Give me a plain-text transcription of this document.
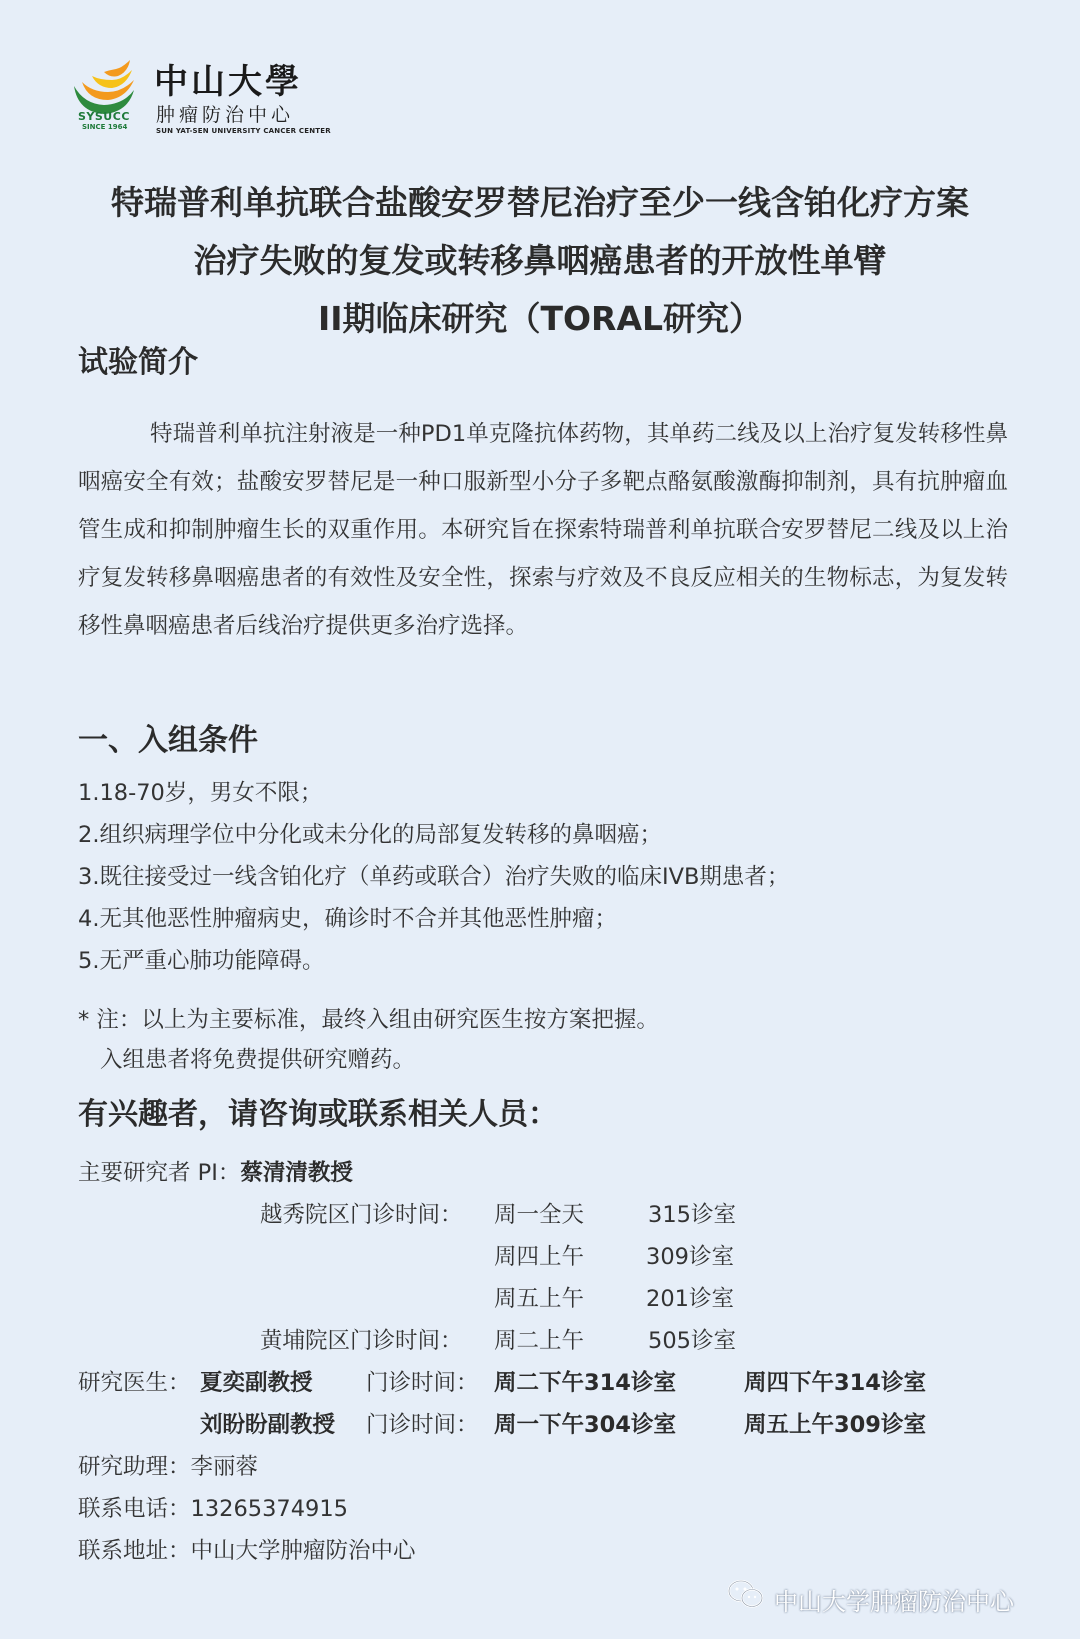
SYSUCC
SINCE 1964
中山大學
肿瘤防治中心
SUN YAT-SEN UNIVERSITY CANCER CENTER
特瑞普利单抗联合盐酸安罗替尼治疗至少一线含铂化疗方案
治疗失败的复发或转移鼻咽癌患者的开放性单臂
II期临床研究（TORAL研究）
试验简介

特瑞普利单抗注射液是一种PD1单克隆抗体药物，其单药二线及以上治疗复发转移性鼻咽癌安全有效；盐酸安罗替尼是一种口服新型小分子多靶点酪氨酸激酶抑制剂，具有抗肿瘤血管生成和抑制肿瘤生长的双重作用。本研究旨在探索特瑞普利单抗联合安罗替尼二线及以上治疗复发转移鼻咽癌患者的有效性及安全性，探索与疗效及不良反应相关的生物标志，为复发转移性鼻咽癌患者后线治疗提供更多治疗选择。

一、入组条件
1.18-70岁，男女不限；
2.组织病理学位中分化或未分化的局部复发转移的鼻咽癌；
3.既往接受过一线含铂化疗（单药或联合）治疗失败的临床IVB期患者；
4.无其他恶性肿瘤病史，确诊时不合并其他恶性肿瘤；
5.无严重心肺功能障碍。
* 注：以上为主要标准，最终入组由研究医生按方案把握。
入组患者将免费提供研究赠药。
有兴趣者，请咨询或联系相关人员：
主要研究者 PI：蔡清清教授
越秀院区门诊时间： 周一全天	315诊室
周四上午	309诊室
周五上午	201诊室
黄埔院区门诊时间： 周二上午	505诊室
研究医生： 夏奕副教授 门诊时间： 周二下午314诊室	周四下午314诊室
刘盼盼副教授 门诊时间： 周一下午304诊室	周五上午309诊室
研究助理：李丽蓉
联系电话：13265374915
联系地址：中山大学肿瘤防治中心
中山大学肿瘤防治中心
